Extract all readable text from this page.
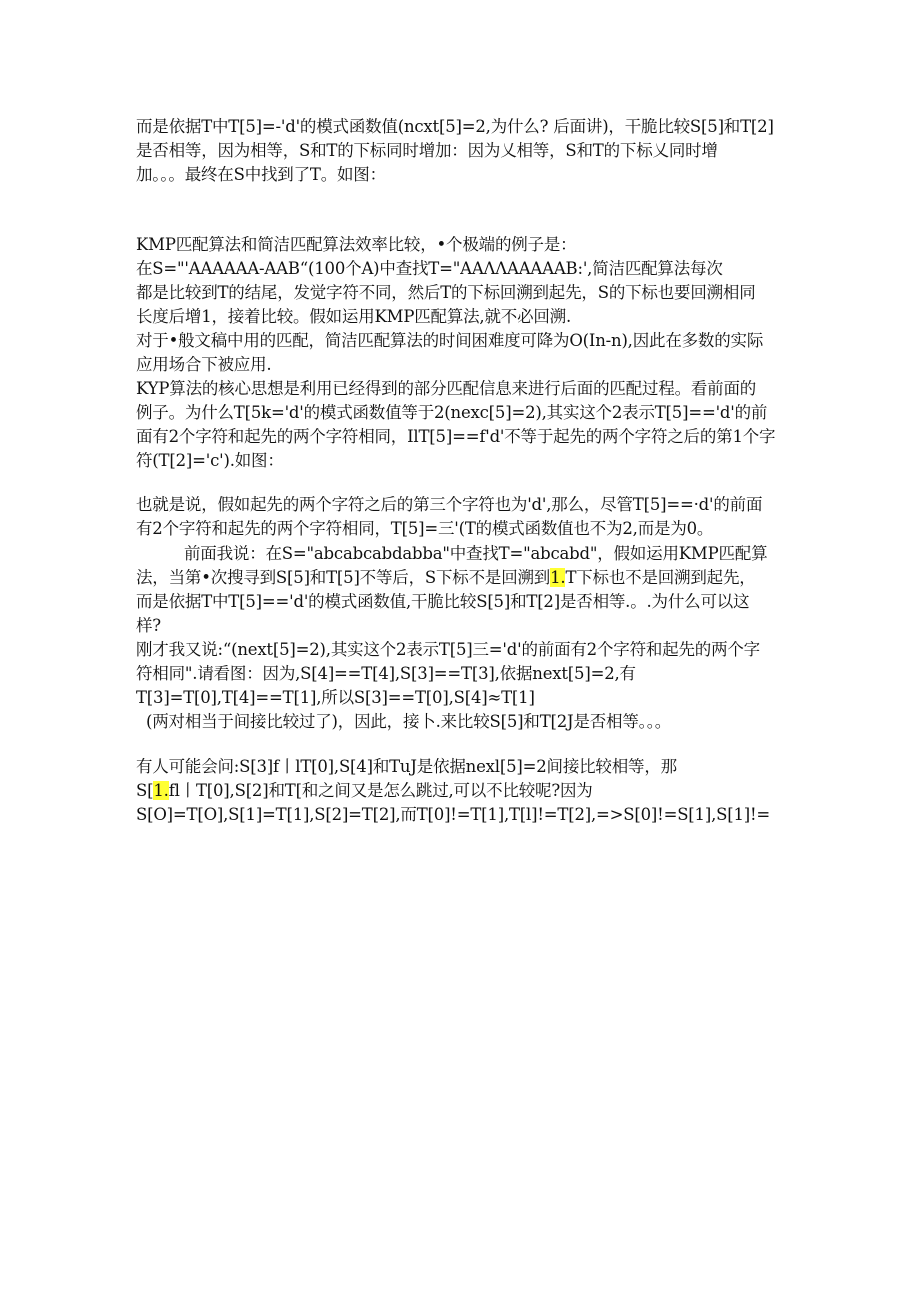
而是依据T中T[5]=-'d'的模式函数值(ncxt[5]=2,为什么? 后面讲)，干脆比较S[5]和T[2]
是否相等，因为相等，S和T的下标同时增加：因为乂相等，S和T的下标乂同时增
加。。。最终在S中找到了T。如图：
KMP匹配算法和简洁匹配算法效率比较，•个极端的例子是：
在S="'AAAAAA-AAB“(100个A)中查找T="AAΛΛAAAAAB:',简洁匹配算法每次
都是比较到T的结尾，发觉字符不同，然后T的下标回溯到起先，S的下标也要回溯相同
长度后增1，接着比较。假如运用KMP匹配算法,就不必回溯.
对于•般文稿中用的匹配，简洁匹配算法的时间困难度可降为O(In-n),因此在多数的实际
应用场合下被应用.
KYP算法的核心思想是利用已经得到的部分匹配信息来进行后面的匹配过程。看前面的
例子。为什么T[5k='d'的模式函数值等于2(nexc[5]=2),其实这个2表示T[5]=='d'的前
面有2个字符和起先的两个字符相同，IlT[5]==f'd'不等于起先的两个字符之后的第1个字
符(T[2]='c').如图：
也就是说，假如起先的两个字符之后的第三个字符也为'd',那么，尽管T[5]==·d'的前面
有2个字符和起先的两个字符相同，T[5]=三'(T的模式函数值也不为2,而是为0。
前面我说：在S="abcabcabdabba"中查找T="abcabd"，假如运用KMP匹配算
法，当第•次搜寻到S[5]和T[5]不等后，S下标不是回溯到1.T下标也不是回溯到起先，
而是依据T中T[5]=='d'的模式函数值,干脆比较S[5]和T[2]是否相等.。.为什么可以这
样?
刚才我又说:“(next[5]=2),其实这个2表示T[5]三='d'的前面有2个字符和起先的两个字
符相同".请看图：因为,S[4]==T[4],S[3]==T[3],依据next[5]=2,有
T[3]=T[0],T[4]==T[1],所以S[3]==T[0],S[4]≈T[1]
(两对相当于间接比较过了)，因此，接卜.来比较S[5]和T[2J是否相等。。。
有人可能会问:S[3]f丨lT[0],S[4]和TuJ是依据nexl[5]=2间接比较相等，那
S[1.fl丨T[0],S[2]和T[和之间又是怎么跳过,可以不比较呢?因为
S[O]=T[O],S[1]=T[1],S[2]=T[2],而T[0]!=T[1],T[l]!=T[2],=>S[0]!=S[1],S[1]!=
